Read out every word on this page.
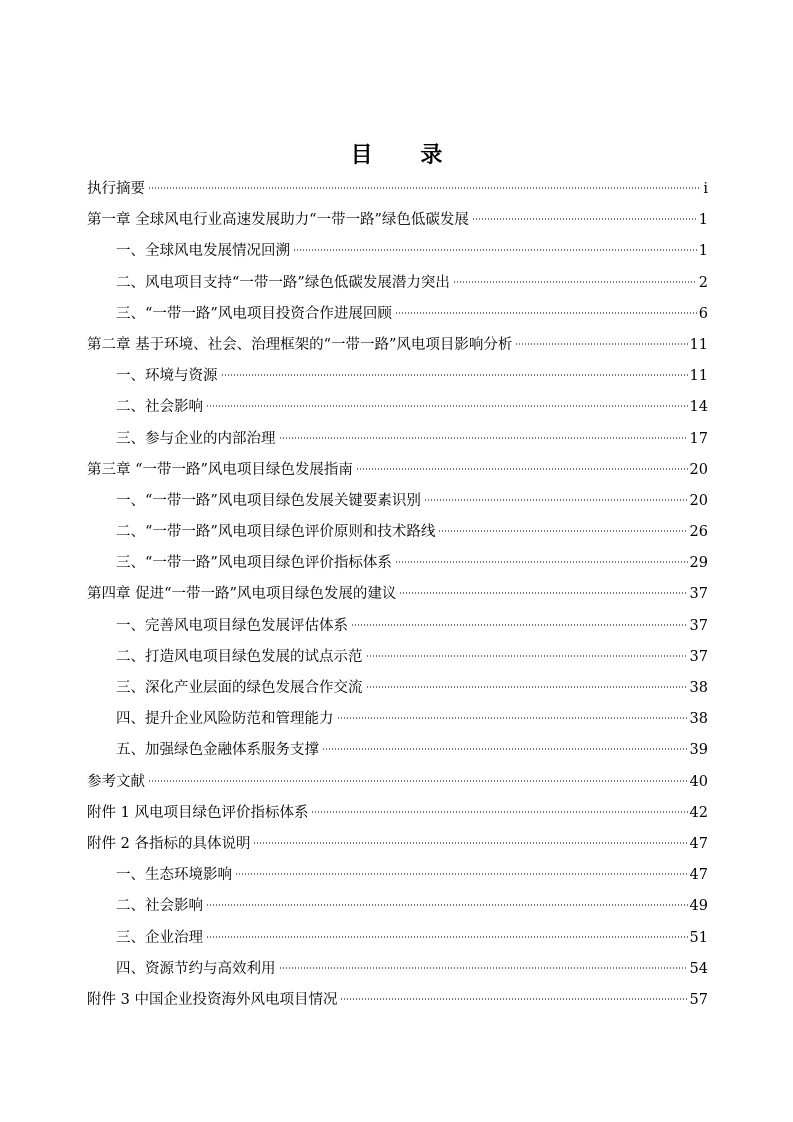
目 录
执行摘要	i
第一章 全球风电行业高速发展助力“一带一路”绿色低碳发展	1
一、全球风电发展情况回溯	1
二、风电项目支持“一带一路”绿色低碳发展潜力突出	2
三、“一带一路”风电项目投资合作进展回顾	6
第二章 基于环境、社会、治理框架的“一带一路”风电项目影响分析	11
一、环境与资源	11
二、社会影响	14
三、参与企业的内部治理	17
第三章 “一带一路”风电项目绿色发展指南	20
一、“一带一路”风电项目绿色发展关键要素识别	20
二、“一带一路”风电项目绿色评价原则和技术路线	26
三、“一带一路”风电项目绿色评价指标体系	29
第四章 促进“一带一路”风电项目绿色发展的建议	37
一、完善风电项目绿色发展评估体系	37
二、打造风电项目绿色发展的试点示范	37
三、深化产业层面的绿色发展合作交流	38
四、提升企业风险防范和管理能力	38
五、加强绿色金融体系服务支撑	39
参考文献	40
附件 1 风电项目绿色评价指标体系	42
附件 2 各指标的具体说明	47
一、生态环境影响	47
二、社会影响	49
三、企业治理	51
四、资源节约与高效利用	54
附件 3 中国企业投资海外风电项目情况	57
